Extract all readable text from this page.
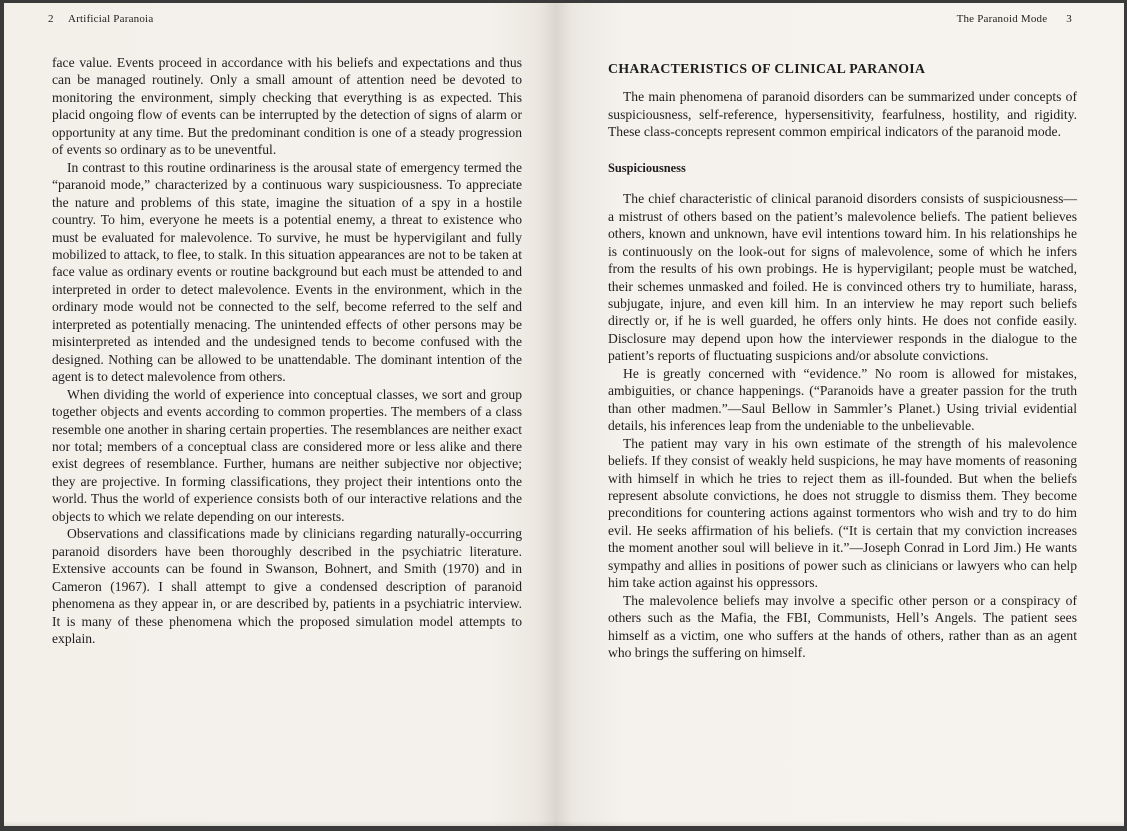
2 Artificial Paranoia

face value. Events proceed in accordance with his beliefs and expectations and thus can be managed routinely. Only a small amount of attention need be devoted to monitoring the environment, simply checking that everything is as expected. This placid ongoing flow of events can be interrupted by the detection of signs of alarm or opportunity at any time. But the predominant condition is one of a steady progression of events so ordinary as to be uneventful.

In contrast to this routine ordinariness is the arousal state of emergency termed the “paranoid mode,” characterized by a continuous wary suspiciousness. To appreciate the nature and problems of this state, imagine the situation of a spy in a hostile country. To him, everyone he meets is a potential enemy, a threat to existence who must be evaluated for malevolence. To survive, he must be hypervigilant and fully mobilized to attack, to flee, to stalk. In this situation appearances are not to be taken at face value as ordinary events or routine background but each must be attended to and interpreted in order to detect malevolence. Events in the environment, which in the ordinary mode would not be connected to the self, become referred to the self and interpreted as potentially menacing. The unintended effects of other persons may be misinterpreted as intended and the undesigned tends to become confused with the designed. Nothing can be allowed to be unattendable. The dominant intention of the agent is to detect malevolence from others.

When dividing the world of experience into conceptual classes, we sort and group together objects and events according to common properties. The members of a class resemble one another in sharing certain properties. The resemblances are neither exact nor total; members of a conceptual class are considered more or less alike and there exist degrees of resemblance. Further, humans are neither subjective nor objective; they are projective. In forming classifications, they project their intentions onto the world. Thus the world of experience consists both of our interactive relations and the objects to which we relate depending on our interests.

Observations and classifications made by clinicians regarding naturally-occurring paranoid disorders have been thoroughly described in the psychiatric literature. Extensive accounts can be found in Swanson, Bohnert, and Smith (1970) and in Cameron (1967). I shall attempt to give a condensed description of paranoid phenomena as they appear in, or are described by, patients in a psychiatric interview. It is many of these phenomena which the proposed simulation model attempts to explain.

The Paranoid Mode 3
CHARACTERISTICS OF CLINICAL PARANOIA

The main phenomena of paranoid disorders can be summarized under concepts of suspiciousness, self-reference, hypersensitivity, fearfulness, hostility, and rigidity. These class-concepts represent common empirical indicators of the paranoid mode.

Suspiciousness

The chief characteristic of clinical paranoid disorders consists of suspiciousness—a mistrust of others based on the patient’s malevolence beliefs. The patient believes others, known and unknown, have evil intentions toward him. In his relationships he is continuously on the look-out for signs of malevolence, some of which he infers from the results of his own probings. He is hypervigilant; people must be watched, their schemes unmasked and foiled. He is convinced others try to humiliate, harass, subjugate, injure, and even kill him. In an interview he may report such beliefs directly or, if he is well guarded, he offers only hints. He does not confide easily. Disclosure may depend upon how the interviewer responds in the dialogue to the patient’s reports of fluctuating suspicions and/or absolute convictions.

He is greatly concerned with “evidence.” No room is allowed for mistakes, ambiguities, or chance happenings. (“Paranoids have a greater passion for the truth than other madmen.”—Saul Bellow in Sammler’s Planet.) Using trivial evidential details, his inferences leap from the undeniable to the unbelievable.

The patient may vary in his own estimate of the strength of his malevolence beliefs. If they consist of weakly held suspicions, he may have moments of reasoning with himself in which he tries to reject them as ill-founded. But when the beliefs represent absolute convictions, he does not struggle to dismiss them. They become preconditions for countering actions against tormentors who wish and try to do him evil. He seeks affirmation of his beliefs. (“It is certain that my conviction increases the moment another soul will believe in it.”—Joseph Conrad in Lord Jim.) He wants sympathy and allies in positions of power such as clinicians or lawyers who can help him take action against his oppressors.

The malevolence beliefs may involve a specific other person or a conspiracy of others such as the Mafia, the FBI, Communists, Hell’s Angels. The patient sees himself as a victim, one who suffers at the hands of others, rather than as an agent who brings the suffering on himself.
